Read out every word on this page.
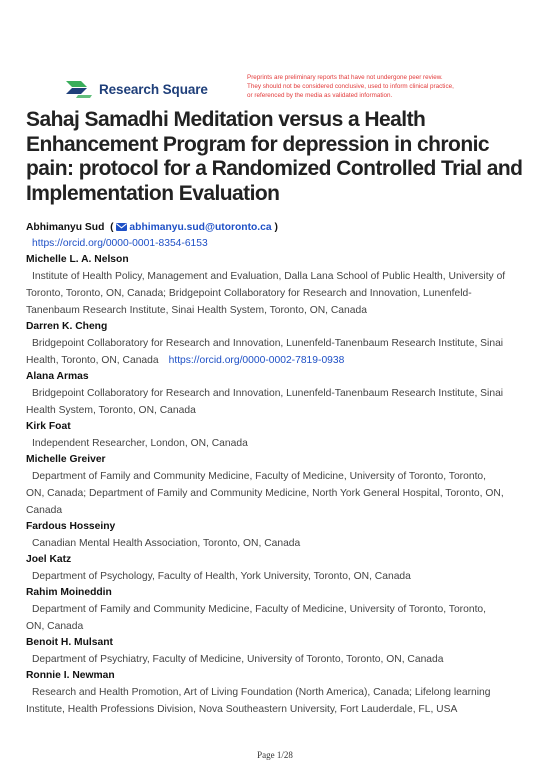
Research Square
Preprints are preliminary reports that have not undergone peer review.
They should not be considered conclusive, used to inform clinical practice,
or referenced by the media as validated information.
Sahaj Samadhi Meditation versus a Health
Enhancement Program for depression in chronic
pain: protocol for a Randomized Controlled Trial and
Implementation Evaluation
Abhimanyu Sud ( abhimanyu.sud@utoronto.ca )
https://orcid.org/0000-0001-8354-6153
Michelle L. A. Nelson
Institute of Health Policy, Management and Evaluation, Dalla Lana School of Public Health, University of
Toronto, Toronto, ON, Canada; Bridgepoint Collaboratory for Research and Innovation, Lunenfeld-
Tanenbaum Research Institute, Sinai Health System, Toronto, ON, Canada
Darren K. Cheng
Bridgepoint Collaboratory for Research and Innovation, Lunenfeld-Tanenbaum Research Institute, Sinai
Health, Toronto, ON, Canada https://orcid.org/0000-0002-7819-0938
Alana Armas
Bridgepoint Collaboratory for Research and Innovation, Lunenfeld-Tanenbaum Research Institute, Sinai
Health System, Toronto, ON, Canada
Kirk Foat
Independent Researcher, London, ON, Canada
Michelle Greiver
Department of Family and Community Medicine, Faculty of Medicine, University of Toronto, Toronto,
ON, Canada; Department of Family and Community Medicine, North York General Hospital, Toronto, ON,
Canada
Fardous Hosseiny
Canadian Mental Health Association, Toronto, ON, Canada
Joel Katz
Department of Psychology, Faculty of Health, York University, Toronto, ON, Canada
Rahim Moineddin
Department of Family and Community Medicine, Faculty of Medicine, University of Toronto, Toronto,
ON, Canada
Benoit H. Mulsant
Department of Psychiatry, Faculty of Medicine, University of Toronto, Toronto, ON, Canada
Ronnie I. Newman
Research and Health Promotion, Art of Living Foundation (North America), Canada; Lifelong learning
Institute, Health Professions Division, Nova Southeastern University, Fort Lauderdale, FL, USA
Page 1/28
